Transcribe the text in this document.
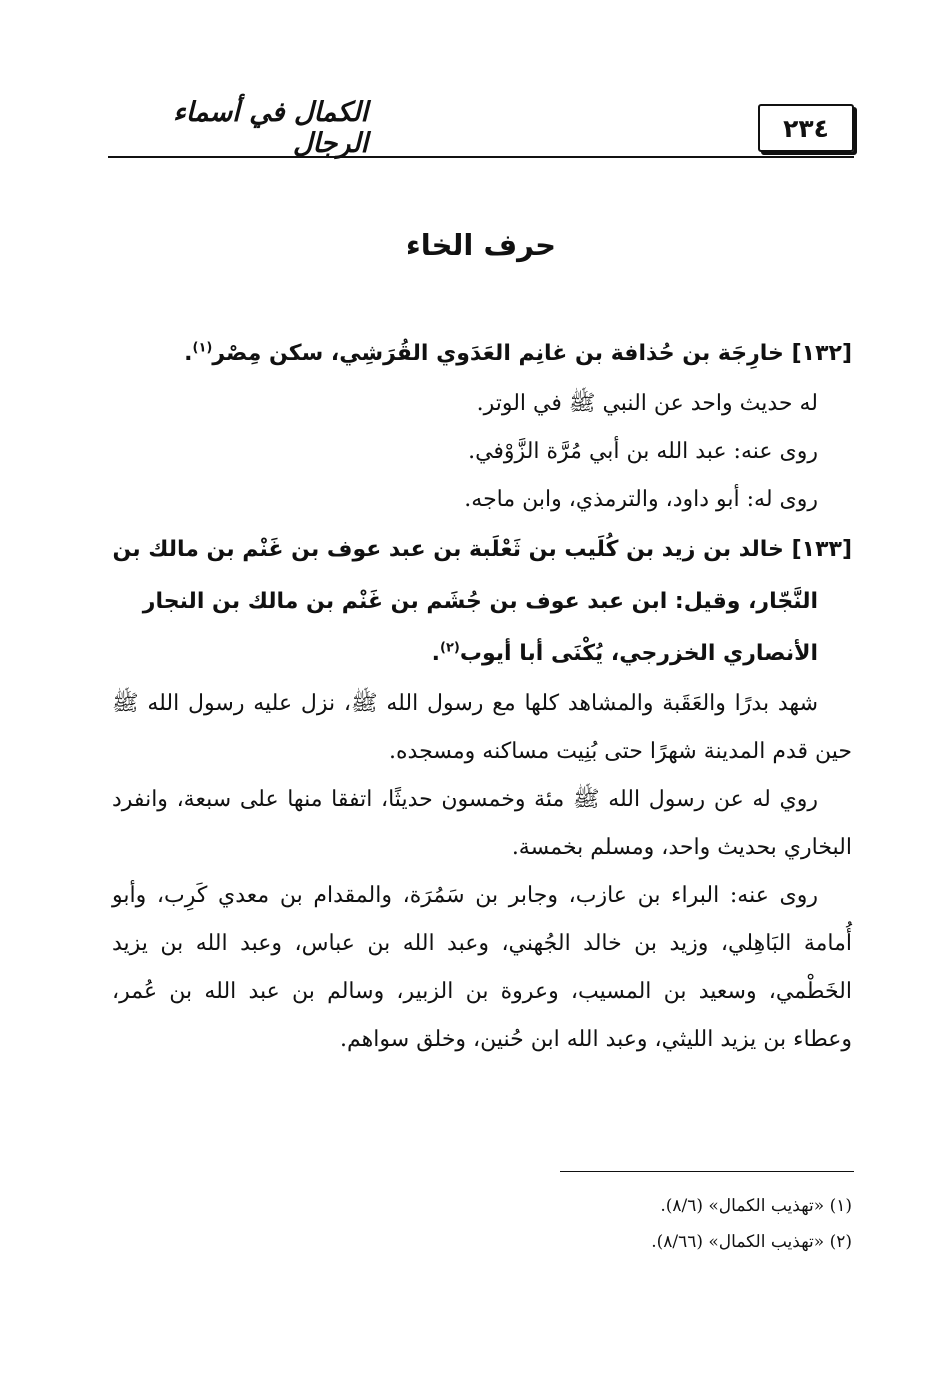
٢٣٤
الكمال في أسماء الرجال
حرف الخاء

[١٣٢] خارِجَة بن حُذافة بن غانِم العَدَوي القُرَشِي، سكن مِصْر$^{(١)}$.

له حديث واحد عن النبي ﷺ في الوتر.

روى عنه: عبد الله بن أبي مُرَّة الزَّوْفي.

روى له: أبو داود، والترمذي، وابن ماجه.

[١٣٣] خالد بن زيد بن كُلَيب بن ثَعْلَبة بن عبد عوف بن غَنْم بن مالك بن
النَّجّار، وقيل: ابن عبد عوف بن جُشَم بن غَنْم بن مالك بن النجار
الأنصاري الخزرجي، يُكْنَى أبا أيوب$^{(٢)}$.

شهد بدرًا والعَقَبة والمشاهد كلها مع رسول الله ﷺ، نزل عليه رسول الله ﷺ حين قدم المدينة شهرًا حتى بُنِيت مساكنه ومسجده.

روي له عن رسول الله ﷺ مئة وخمسون حديثًا، اتفقا منها على سبعة، وانفرد البخاري بحديث واحد، ومسلم بخمسة.

روى عنه: البراء بن عازب، وجابر بن سَمُرَة، والمقدام بن معدي كَرِب، وأبو أُمامة البَاهِلي، وزيد بن خالد الجُهني، وعبد الله بن عباس، وعبد الله بن يزيد الخَطْمي، وسعيد بن المسيب، وعروة بن الزبير، وسالم بن عبد الله بن عُمر، وعطاء بن يزيد الليثي، وعبد الله ابن حُنين، وخلق سواهم.

(١) «تهذيب الكمال» (٨/٦).

(٢) «تهذيب الكمال» (٨/٦٦).
